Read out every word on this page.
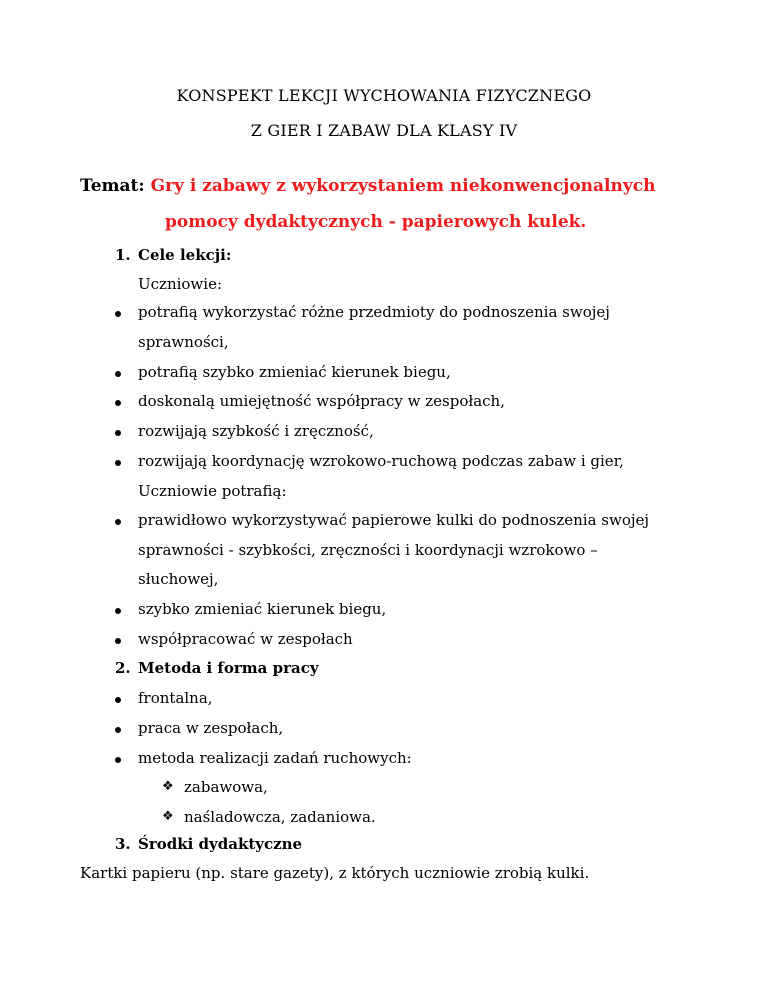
KONSPEKT LEKCJI WYCHOWANIA FIZYCZNEGO
Z GIER I ZABAW DLA KLASY IV
Temat: Gry i zabawy z wykorzystaniem niekonwencjonalnych
pomocy dydaktycznych - papierowych kulek.
1. Cele lekcji:
Uczniowie:
potrafią wykorzystać różne przedmioty do podnoszenia swojej
sprawności,
potrafią szybko zmieniać kierunek biegu,
doskonalą umiejętność współpracy w zespołach,
rozwijają szybkość i zręczność,
rozwijają koordynację wzrokowo-ruchową podczas zabaw i gier,
Uczniowie potrafią:
prawidłowo wykorzystywać papierowe kulki do podnoszenia swojej
sprawności - szybkości, zręczności i koordynacji wzrokowo –
słuchowej,
szybko zmieniać kierunek biegu,
współpracować w zespołach
2. Metoda i forma pracy
frontalna,
praca w zespołach,
metoda realizacji zadań ruchowych:
❖ zabawowa,
❖ naśladowcza, zadaniowa.
3. Środki dydaktyczne
Kartki papieru (np. stare gazety), z których uczniowie zrobią kulki.
